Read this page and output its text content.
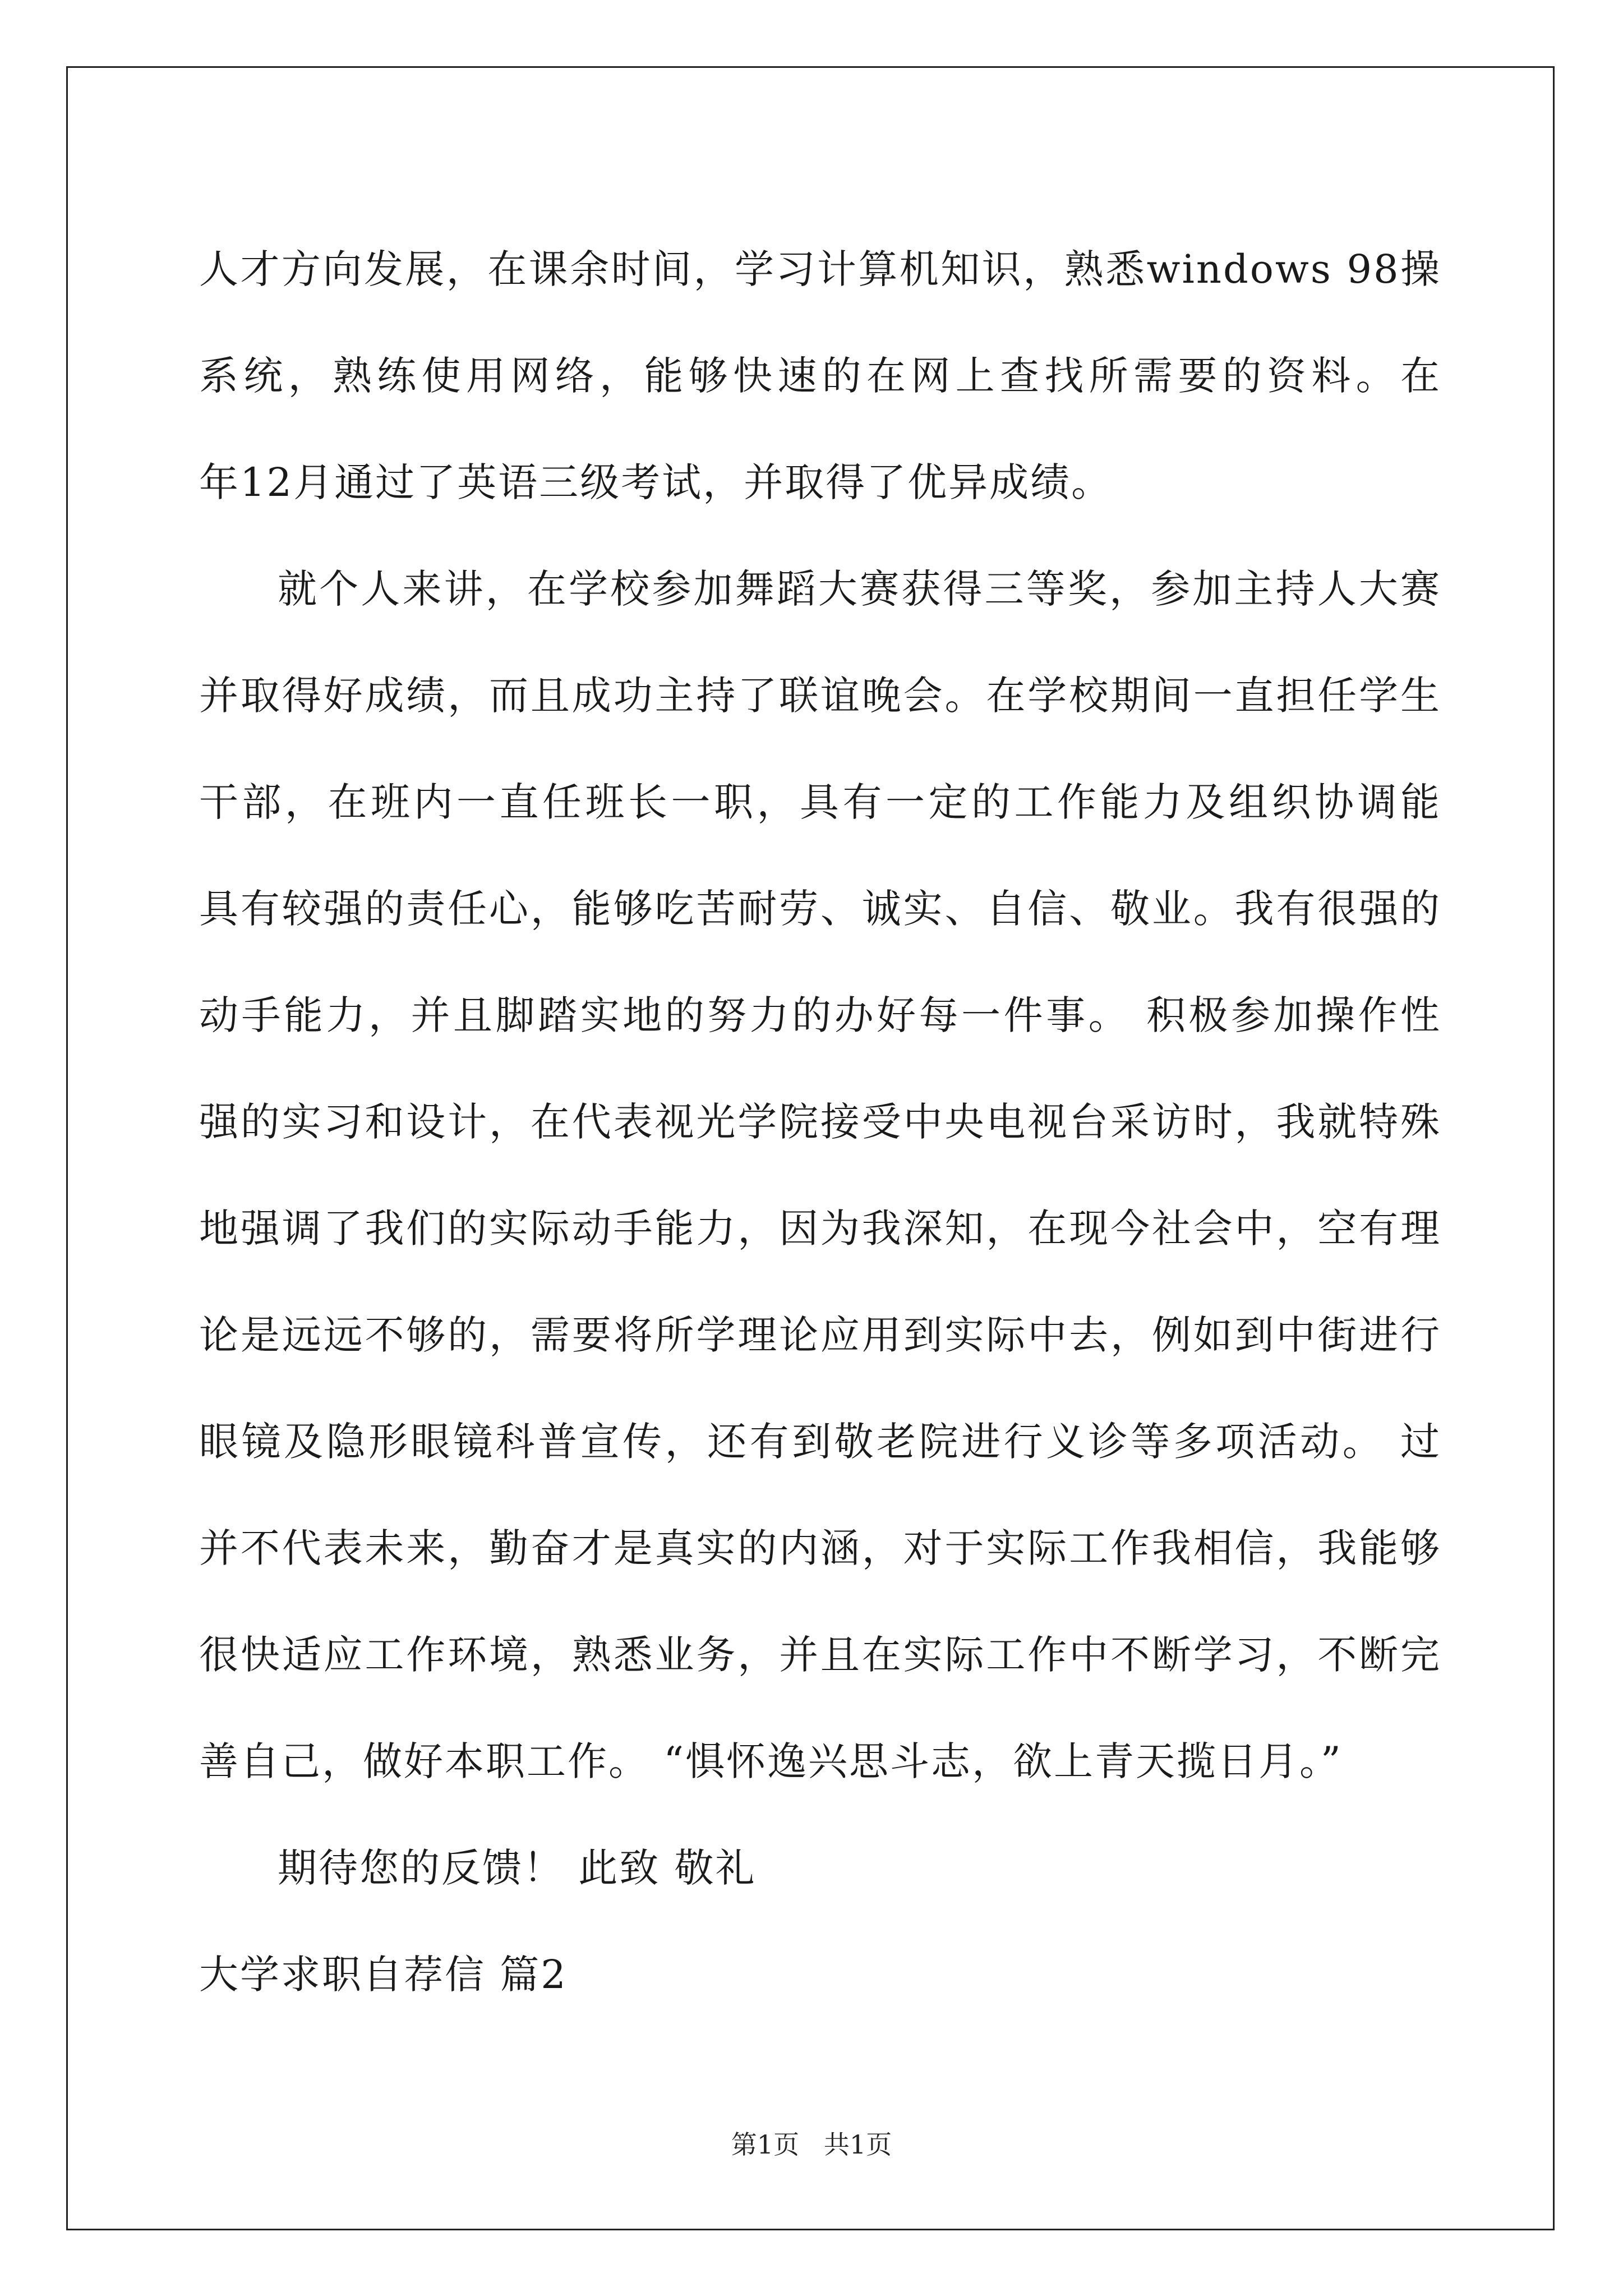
人才方向发展，在课余时间，学习计算机知识，熟悉windows 98操
系统，熟练使用网络，能够快速的在网上查找所需要的资料。在
年12月通过了英语三级考试，并取得了优异成绩。
就个人来讲，在学校参加舞蹈大赛获得三等奖，参加主持人大赛
并取得好成绩，而且成功主持了联谊晚会。在学校期间一直担任学生
干部，在班内一直任班长一职，具有一定的工作能力及组织协调能
具有较强的责任心，能够吃苦耐劳、诚实、自信、敬业。我有很强的
动手能力，并且脚踏实地的努力的办好每一件事。 积极参加操作性
强的实习和设计，在代表视光学院接受中央电视台采访时，我就特殊
地强调了我们的实际动手能力，因为我深知，在现今社会中，空有理
论是远远不够的，需要将所学理论应用到实际中去，例如到中街进行
眼镜及隐形眼镜科普宣传，还有到敬老院进行义诊等多项活动。 过
并不代表未来，勤奋才是真实的内涵，对于实际工作我相信，我能够
很快适应工作环境，熟悉业务，并且在实际工作中不断学习，不断完
善自己，做好本职工作。 “惧怀逸兴思斗志，欲上青天揽日月。”
期待您的反馈！ 此致 敬礼
大学求职自荐信 篇2
第1页   共1页
